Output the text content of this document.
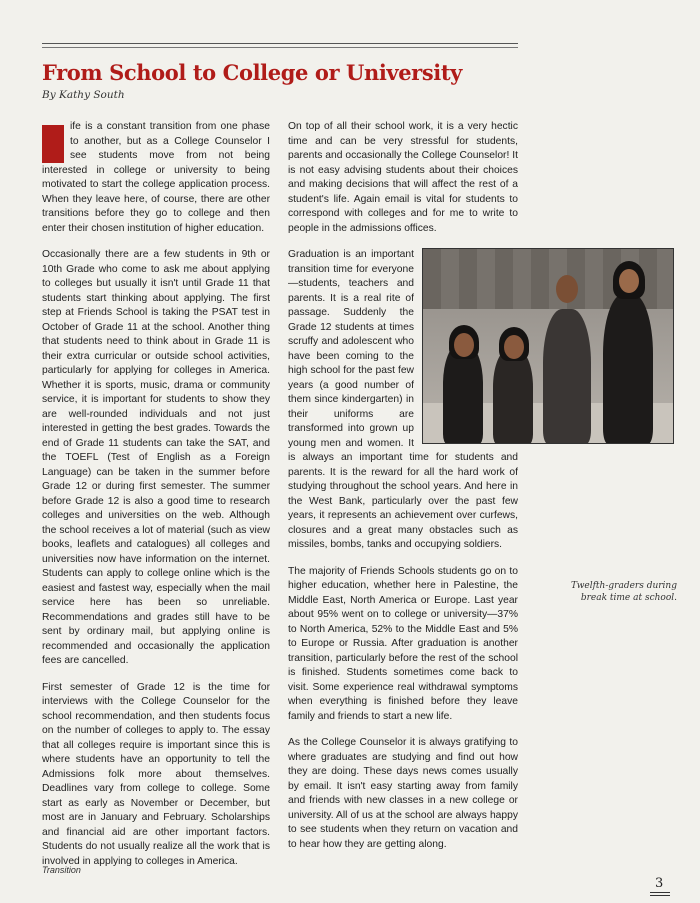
From School to College or University
By Kathy South

ife is a constant transition from one phase to another, but as a College Counselor I see students move from not being interested in college or university to being motivated to start the college application process. When they leave here, of course, there are other transitions before they go to college and then enter their chosen institution of higher education.

Occasionally there are a few students in 9th or 10th Grade who come to ask me about applying to colleges but usually it isn't until Grade 11 that students start thinking about applying. The first step at Friends School is taking the PSAT test in October of Grade 11 at the school. Another thing that students need to think about in Grade 11 is their extra curricular or outside school activities, particularly for applying for colleges in America. Whether it is sports, music, drama or community service, it is important for students to show they are well-rounded individuals and not just interested in getting the best grades. Towards the end of Grade 11 students can take the SAT, and the TOEFL (Test of English as a Foreign Language) can be taken in the summer before Grade 12 or during first semester. The summer before Grade 12 is also a good time to research colleges and universities on the web. Although the school receives a lot of material (such as view books, leaflets and catalogues) all colleges and universities now have information on the internet. Students can apply to college online which is the easiest and fastest way, especially when the mail service here has been so unreliable. Recommendations and grades still have to be sent by ordinary mail, but applying online is recommended and occasionally the application fees are cancelled.

First semester of Grade 12 is the time for interviews with the College Counselor for the school recommendation, and then students focus on the number of colleges to apply to. The essay that all colleges require is important since this is where students have an opportunity to tell the Admissions folk more about themselves. Deadlines vary from college to college. Some start as early as November or December, but most are in January and February. Scholarships and financial aid are other important factors. Students do not usually realize all the work that is involved in applying to colleges in America.

On top of all their school work, it is a very hectic time and can be very stressful for students, parents and occasionally the College Counselor! It is not easy advising students about their choices and making decisions that will affect the rest of a student's life. Again email is vital for students to correspond with colleges and for me to write to people in the admissions offices.

Graduation is an important transition time for everyone—students, teachers and parents. It is a real rite of passage. Suddenly the Grade 12 students at times scruffy and adolescent who have been coming to the high school for the past few years (a good number of them since kindergarten) in their uniforms are transformed into grown up young men and women. It is always an important time for students and parents. It is the reward for all the hard work of studying throughout the school years. And here in the West Bank, particularly over the past few years, it represents an achievement over curfews, closures and a great many obstacles such as missiles, bombs, tanks and occupying soldiers.

The majority of Friends Schools students go on to higher education, whether here in Palestine, the Middle East, North America or Europe. Last year about 95% went on to college or university—37% to North America, 52% to the Middle East and 5% to Europe or Russia. After graduation is another transition, particularly before the rest of the school is finished. Students sometimes come back to visit. Some experience real withdrawal symptoms when everything is finished before they leave family and friends to start a new life.

As the College Counselor it is always gratifying to where graduates are studying and find out how they are doing. These days news comes usually by email. It isn't easy starting away from family and friends with new classes in a new college or university. All of us at the school are always happy to see students when they return on vacation and to hear how they are getting along.

Twelfth-graders during break time at school.
Transition
3
